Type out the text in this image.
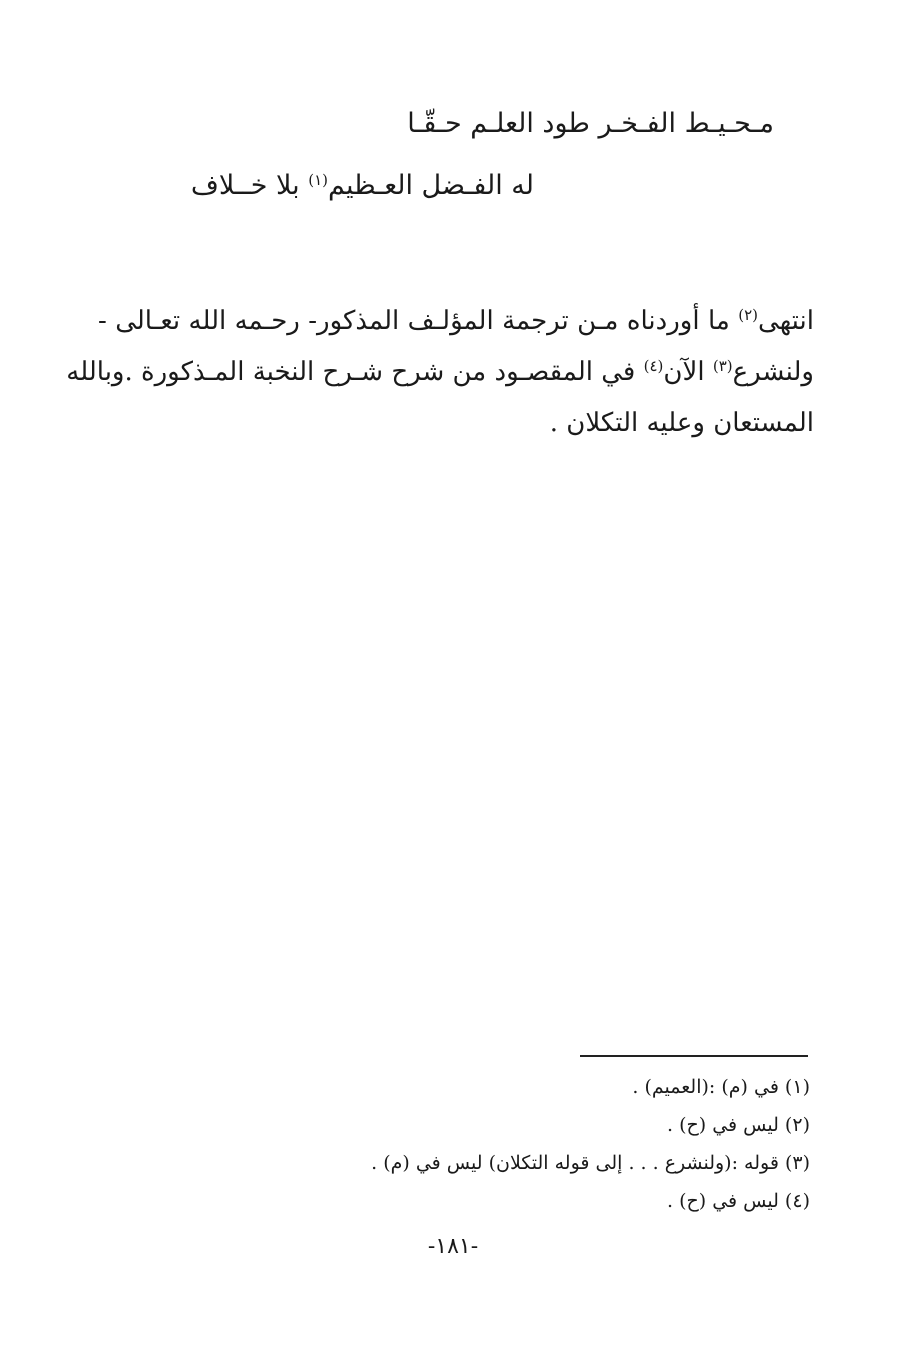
مـحـيـط الفـخـر طود العلـم حـقّـا
له الفـضل العـظيم$^{(١)}$ بلا خــلاف
انتهى$^{(٢)}$ ما أوردناه مـن ترجمة المؤلـف المذكور- رحـمه الله تعـالى -
ولنشرع$^{(٣)}$ الآن$^{(٤)}$ في المقصـود من شرح شـرح النخبة المـذكورة .وبالله
المستعان وعليه التكلان .
(١) في (م) :(العميم) .
(٢) ليس في (ح) .
(٣) قوله :(ولنشرع . . . إلى قوله التكلان) ليس في (م) .
(٤) ليس في (ح) .
-١٨١-
